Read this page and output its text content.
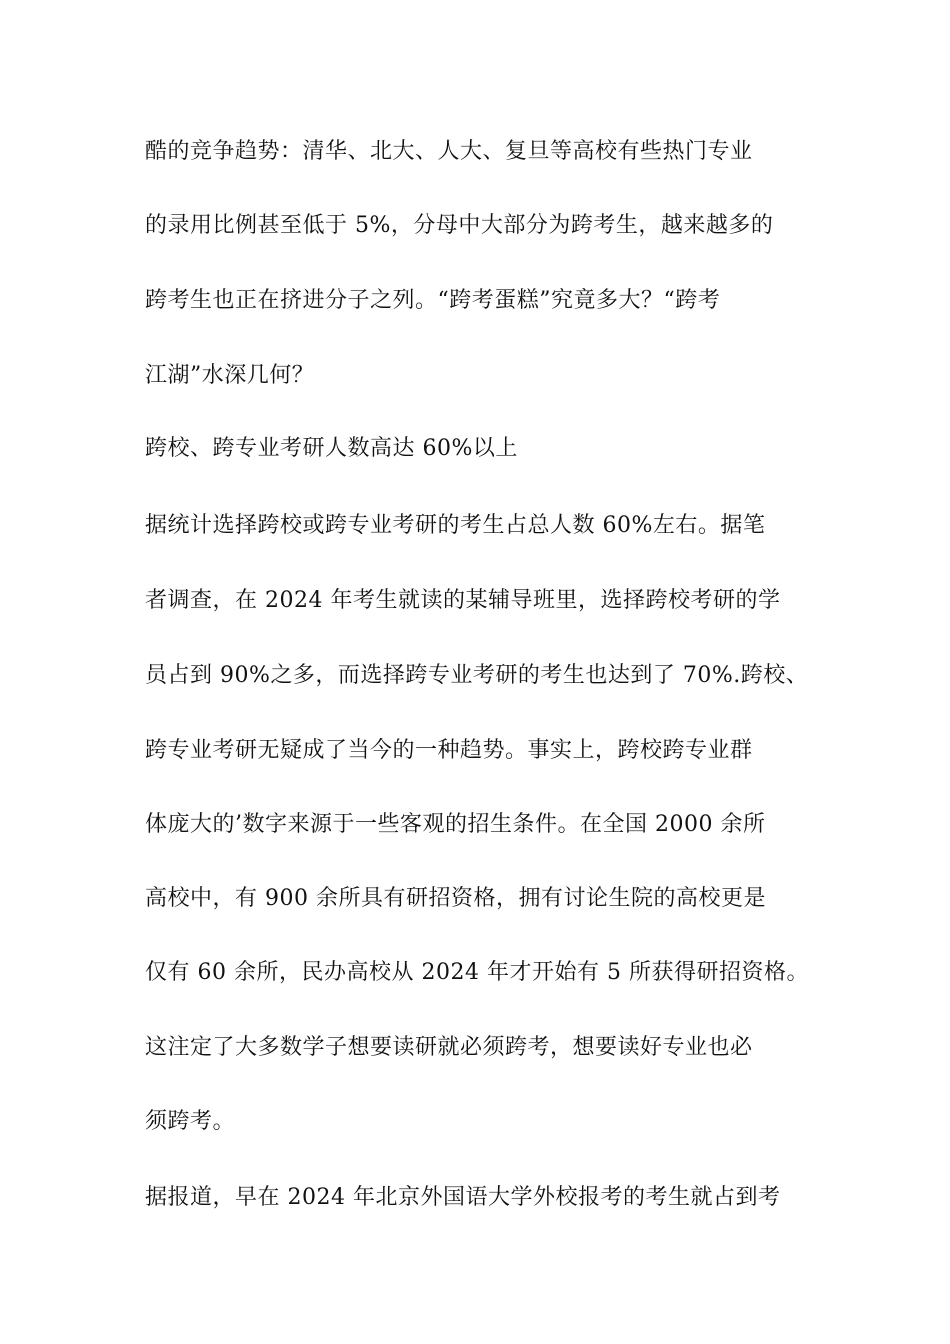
酷的竞争趋势：清华、北大、人大、复旦等高校有些热门专业
的录用比例甚至低于 5%，分母中大部分为跨考生，越来越多的
跨考生也正在挤进分子之列。“跨考蛋糕”究竟多大？“跨考
江湖”水深几何？
跨校、跨专业考研人数高达 60%以上
据统计选择跨校或跨专业考研的考生占总人数 60%左右。据笔
者调查，在 2024 年考生就读的某辅导班里，选择跨校考研的学
员占到 90%之多，而选择跨专业考研的考生也达到了 70%.跨校、
跨专业考研无疑成了当今的一种趋势。事实上，跨校跨专业群
体庞大的’数字来源于一些客观的招生条件。在全国 2000 余所
高校中，有 900 余所具有研招资格，拥有讨论生院的高校更是
仅有 60 余所，民办高校从 2024 年才开始有 5 所获得研招资格。
这注定了大多数学子想要读研就必须跨考，想要读好专业也必
须跨考。
据报道，早在 2024 年北京外国语大学外校报考的考生就占到考
